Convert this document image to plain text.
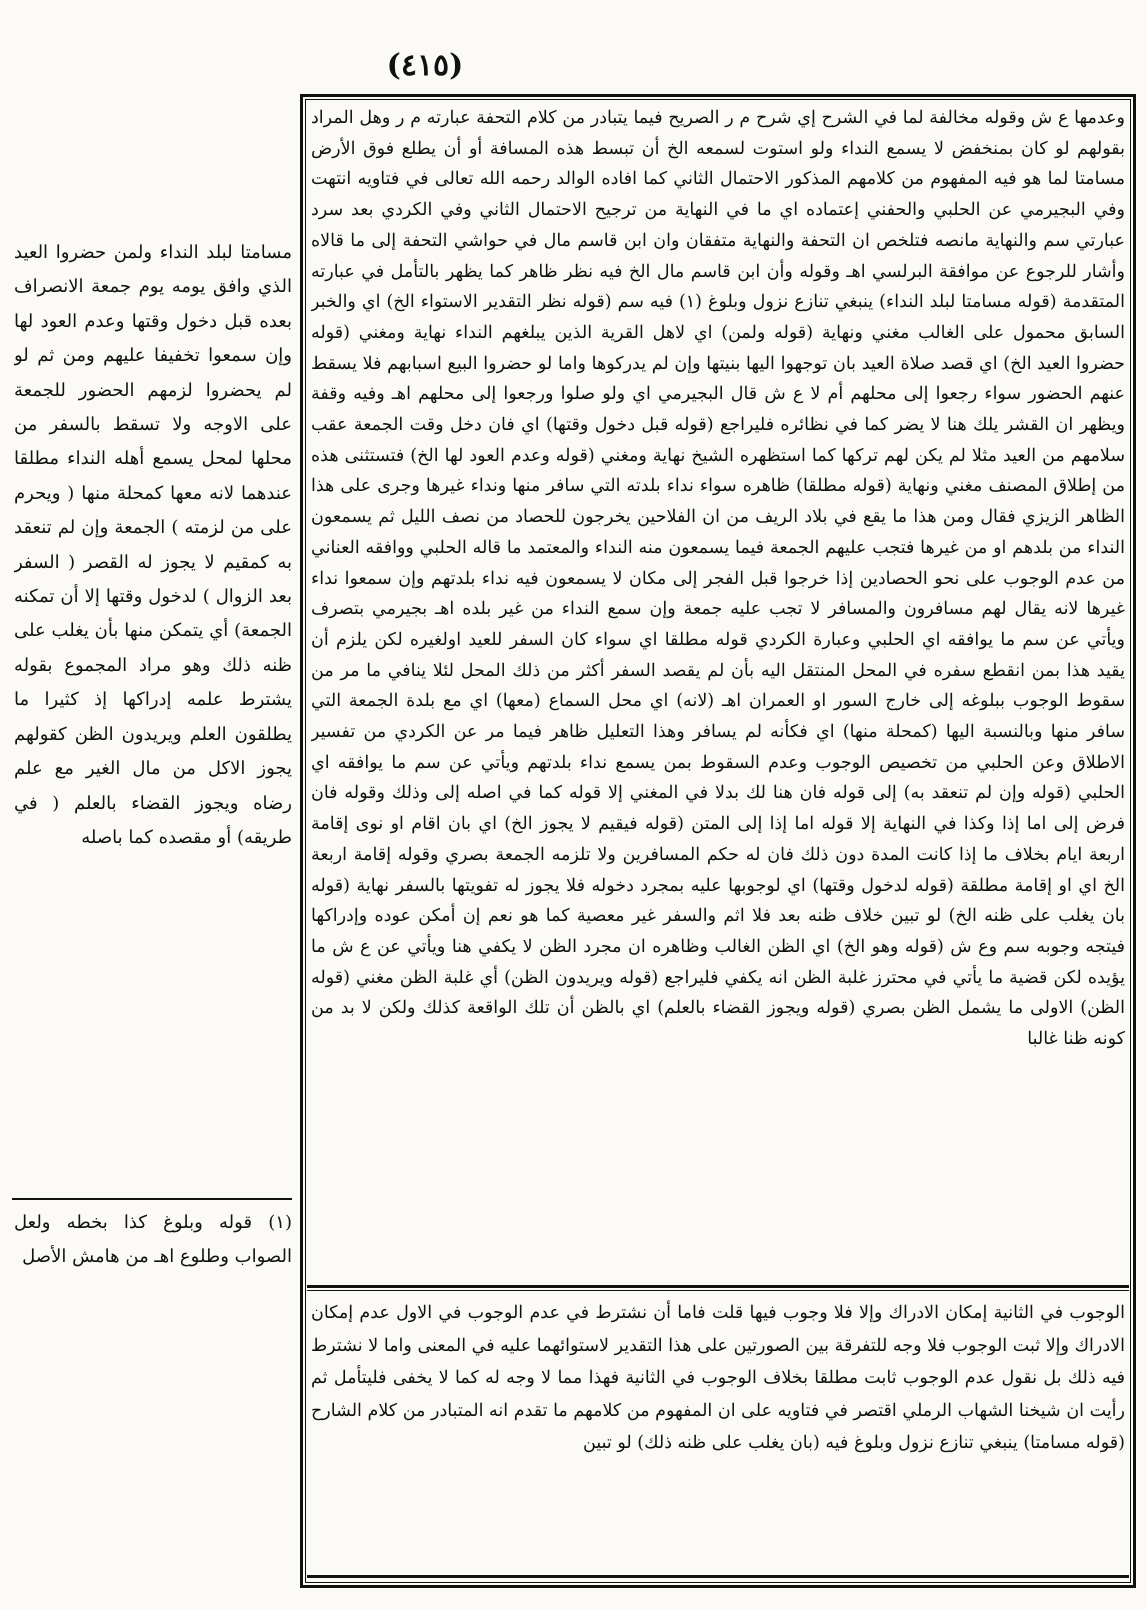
(٤١٥)

وعدمها ع ش وقوله مخالفة لما في الشرح إي شرح م ر الصريح فيما يتبادر من كلام التحفة عبارته م ر وهل المراد بقولهم لو كان بمنخفض لا يسمع النداء ولو استوت لسمعه الخ أن تبسط هذه المسافة أو أن يطلع فوق الأرض مسامتا لما هو فيه المفهوم من كلامهم المذكور الاحتمال الثاني كما افاده الوالد رحمه الله تعالى في فتاويه انتهت وفي البجيرمي عن الحلبي والحفني إعتماده اي ما في النهاية من ترجيح الاحتمال الثاني وفي الكردي بعد سرد عبارتي سم والنهاية مانصه فتلخص ان التحفة والنهاية متفقان وان ابن قاسم مال في حواشي التحفة إلى ما قالاه وأشار للرجوع عن موافقة البرلسي اهـ وقوله وأن ابن قاسم مال الخ فيه نظر ظاهر كما يظهر بالتأمل في عبارته المتقدمة (قوله مسامتا لبلد النداء) ينبغي تنازع نزول وبلوغ (١) فيه سم (قوله نظر التقدير الاستواء الخ) اي والخبر السابق محمول على الغالب مغني ونهاية (قوله ولمن) اي لاهل القرية الذين يبلغهم النداء نهاية ومغني (قوله حضروا العيد الخ) اي قصد صلاة العيد بان توجهوا اليها بنيتها وإن لم يدركوها واما لو حضروا البيع اسبابهم فلا يسقط عنهم الحضور سواء رجعوا إلى محلهم أم لا ع ش قال البجيرمي اي ولو صلوا ورجعوا إلى محلهم اهـ وفيه وقفة ويظهر ان القشر يلك هنا لا يضر كما في نظائره فليراجع (قوله قبل دخول وقتها) اي فان دخل وقت الجمعة عقب سلامهم من العيد مثلا لم يكن لهم تركها كما استظهره الشيخ نهاية ومغني (قوله وعدم العود لها الخ) فتستثنى هذه من إطلاق المصنف مغني ونهاية (قوله مطلقا) ظاهره سواء نداء بلدته التي سافر منها ونداء غيرها وجرى على هذا الظاهر الزيزي فقال ومن هذا ما يقع في بلاد الريف من ان الفلاحين يخرجون للحصاد من نصف الليل ثم يسمعون النداء من بلدهم او من غيرها فتجب عليهم الجمعة فيما يسمعون منه النداء والمعتمد ما قاله الحلبي ووافقه العناني من عدم الوجوب على نحو الحصادين إذا خرجوا قبل الفجر إلى مكان لا يسمعون فيه نداء بلدتهم وإن سمعوا نداء غيرها لانه يقال لهم مسافرون والمسافر لا تجب عليه جمعة وإن سمع النداء من غير بلده اهـ بجيرمي بتصرف ويأتي عن سم ما يوافقه اي الحلبي وعبارة الكردي قوله مطلقا اي سواء كان السفر للعيد اولغيره لكن يلزم أن يقيد هذا بمن انقطع سفره في المحل المنتقل اليه بأن لم يقصد السفر أكثر من ذلك المحل لئلا ينافي ما مر من سقوط الوجوب ببلوغه إلى خارج السور او العمران اهـ (لانه) اي محل السماع (معها) اي مع بلدة الجمعة التي سافر منها وبالنسبة اليها (كمحلة منها) اي فكأنه لم يسافر وهذا التعليل ظاهر فيما مر عن الكردي من تفسير الاطلاق وعن الحلبي من تخصيص الوجوب وعدم السقوط بمن يسمع نداء بلدتهم ويأتي عن سم ما يوافقه اي الحلبي (قوله وإن لم تنعقد به) إلى قوله فان هنا لك بدلا في المغني إلا قوله كما في اصله إلى وذلك وقوله فان فرض إلى اما إذا وكذا في النهاية إلا قوله اما إذا إلى المتن (قوله فيقيم لا يجوز الخ) اي بان اقام او نوى إقامة اربعة ايام بخلاف ما إذا كانت المدة دون ذلك فان له حكم المسافرين ولا تلزمه الجمعة بصري وقوله إقامة اربعة الخ اي او إقامة مطلقة (قوله لدخول وقتها) اي لوجوبها عليه بمجرد دخوله فلا يجوز له تفويتها بالسفر نهاية (قوله بان يغلب على ظنه الخ) لو تبين خلاف ظنه بعد فلا اثم والسفر غير معصية كما هو نعم إن أمكن عوده وإدراكها فيتجه وجوبه سم وع ش (قوله وهو الخ) اي الظن الغالب وظاهره ان مجرد الظن لا يكفي هنا ويأتي عن ع ش ما يؤيده لكن قضية ما يأتي في محترز غلبة الظن انه يكفي فليراجع (قوله ويريدون الظن) أي غلبة الظن مغني (قوله الظن) الاولى ما يشمل الظن بصري (قوله ويجوز القضاء بالعلم) اي بالظن أن تلك الواقعة كذلك ولكن لا بد من كونه ظنا غالبا

الوجوب في الثانية إمكان الادراك وإلا فلا وجوب فيها قلت فاما أن نشترط في عدم الوجوب في الاول عدم إمكان الادراك وإلا ثبت الوجوب فلا وجه للتفرقة بين الصورتين على هذا التقدير لاستوائهما عليه في المعنى واما لا نشترط فيه ذلك بل نقول عدم الوجوب ثابت مطلقا بخلاف الوجوب في الثانية فهذا مما لا وجه له كما لا يخفى فليتأمل ثم رأيت ان شيخنا الشهاب الرملي اقتصر في فتاويه على ان المفهوم من كلامهم ما تقدم انه المتبادر من كلام الشارح (قوله مسامتا) ينبغي تنازع نزول وبلوغ فيه (بان يغلب على ظنه ذلك) لو تبين

مسامتا لبلد النداء ولمن حضروا العيد الذي وافق يومه يوم جمعة الانصراف بعده قبل دخول وقتها وعدم العود لها وإن سمعوا تخفيفا عليهم ومن ثم لو لم يحضروا لزمهم الحضور للجمعة على الاوجه ولا تسقط بالسفر من محلها لمحل يسمع أهله النداء مطلقا عندهما لانه معها كمحلة منها ( ويحرم على من لزمته ) الجمعة وإن لم تنعقد به كمقيم لا يجوز له القصر ( السفر بعد الزوال ) لدخول وقتها إلا أن تمكنه الجمعة) أي يتمكن منها بأن يغلب على ظنه ذلك وهو مراد المجموع بقوله يشترط علمه إدراكها إذ كثيرا ما يطلقون العلم ويريدون الظن كقولهم يجوز الاكل من مال الغير مع علم رضاه ويجوز القضاء بالعلم ( في طريقه) أو مقصده كما باصله

(١) قوله وبلوغ كذا بخطه ولعل الصواب وطلوع اهـ من هامش الأصل
